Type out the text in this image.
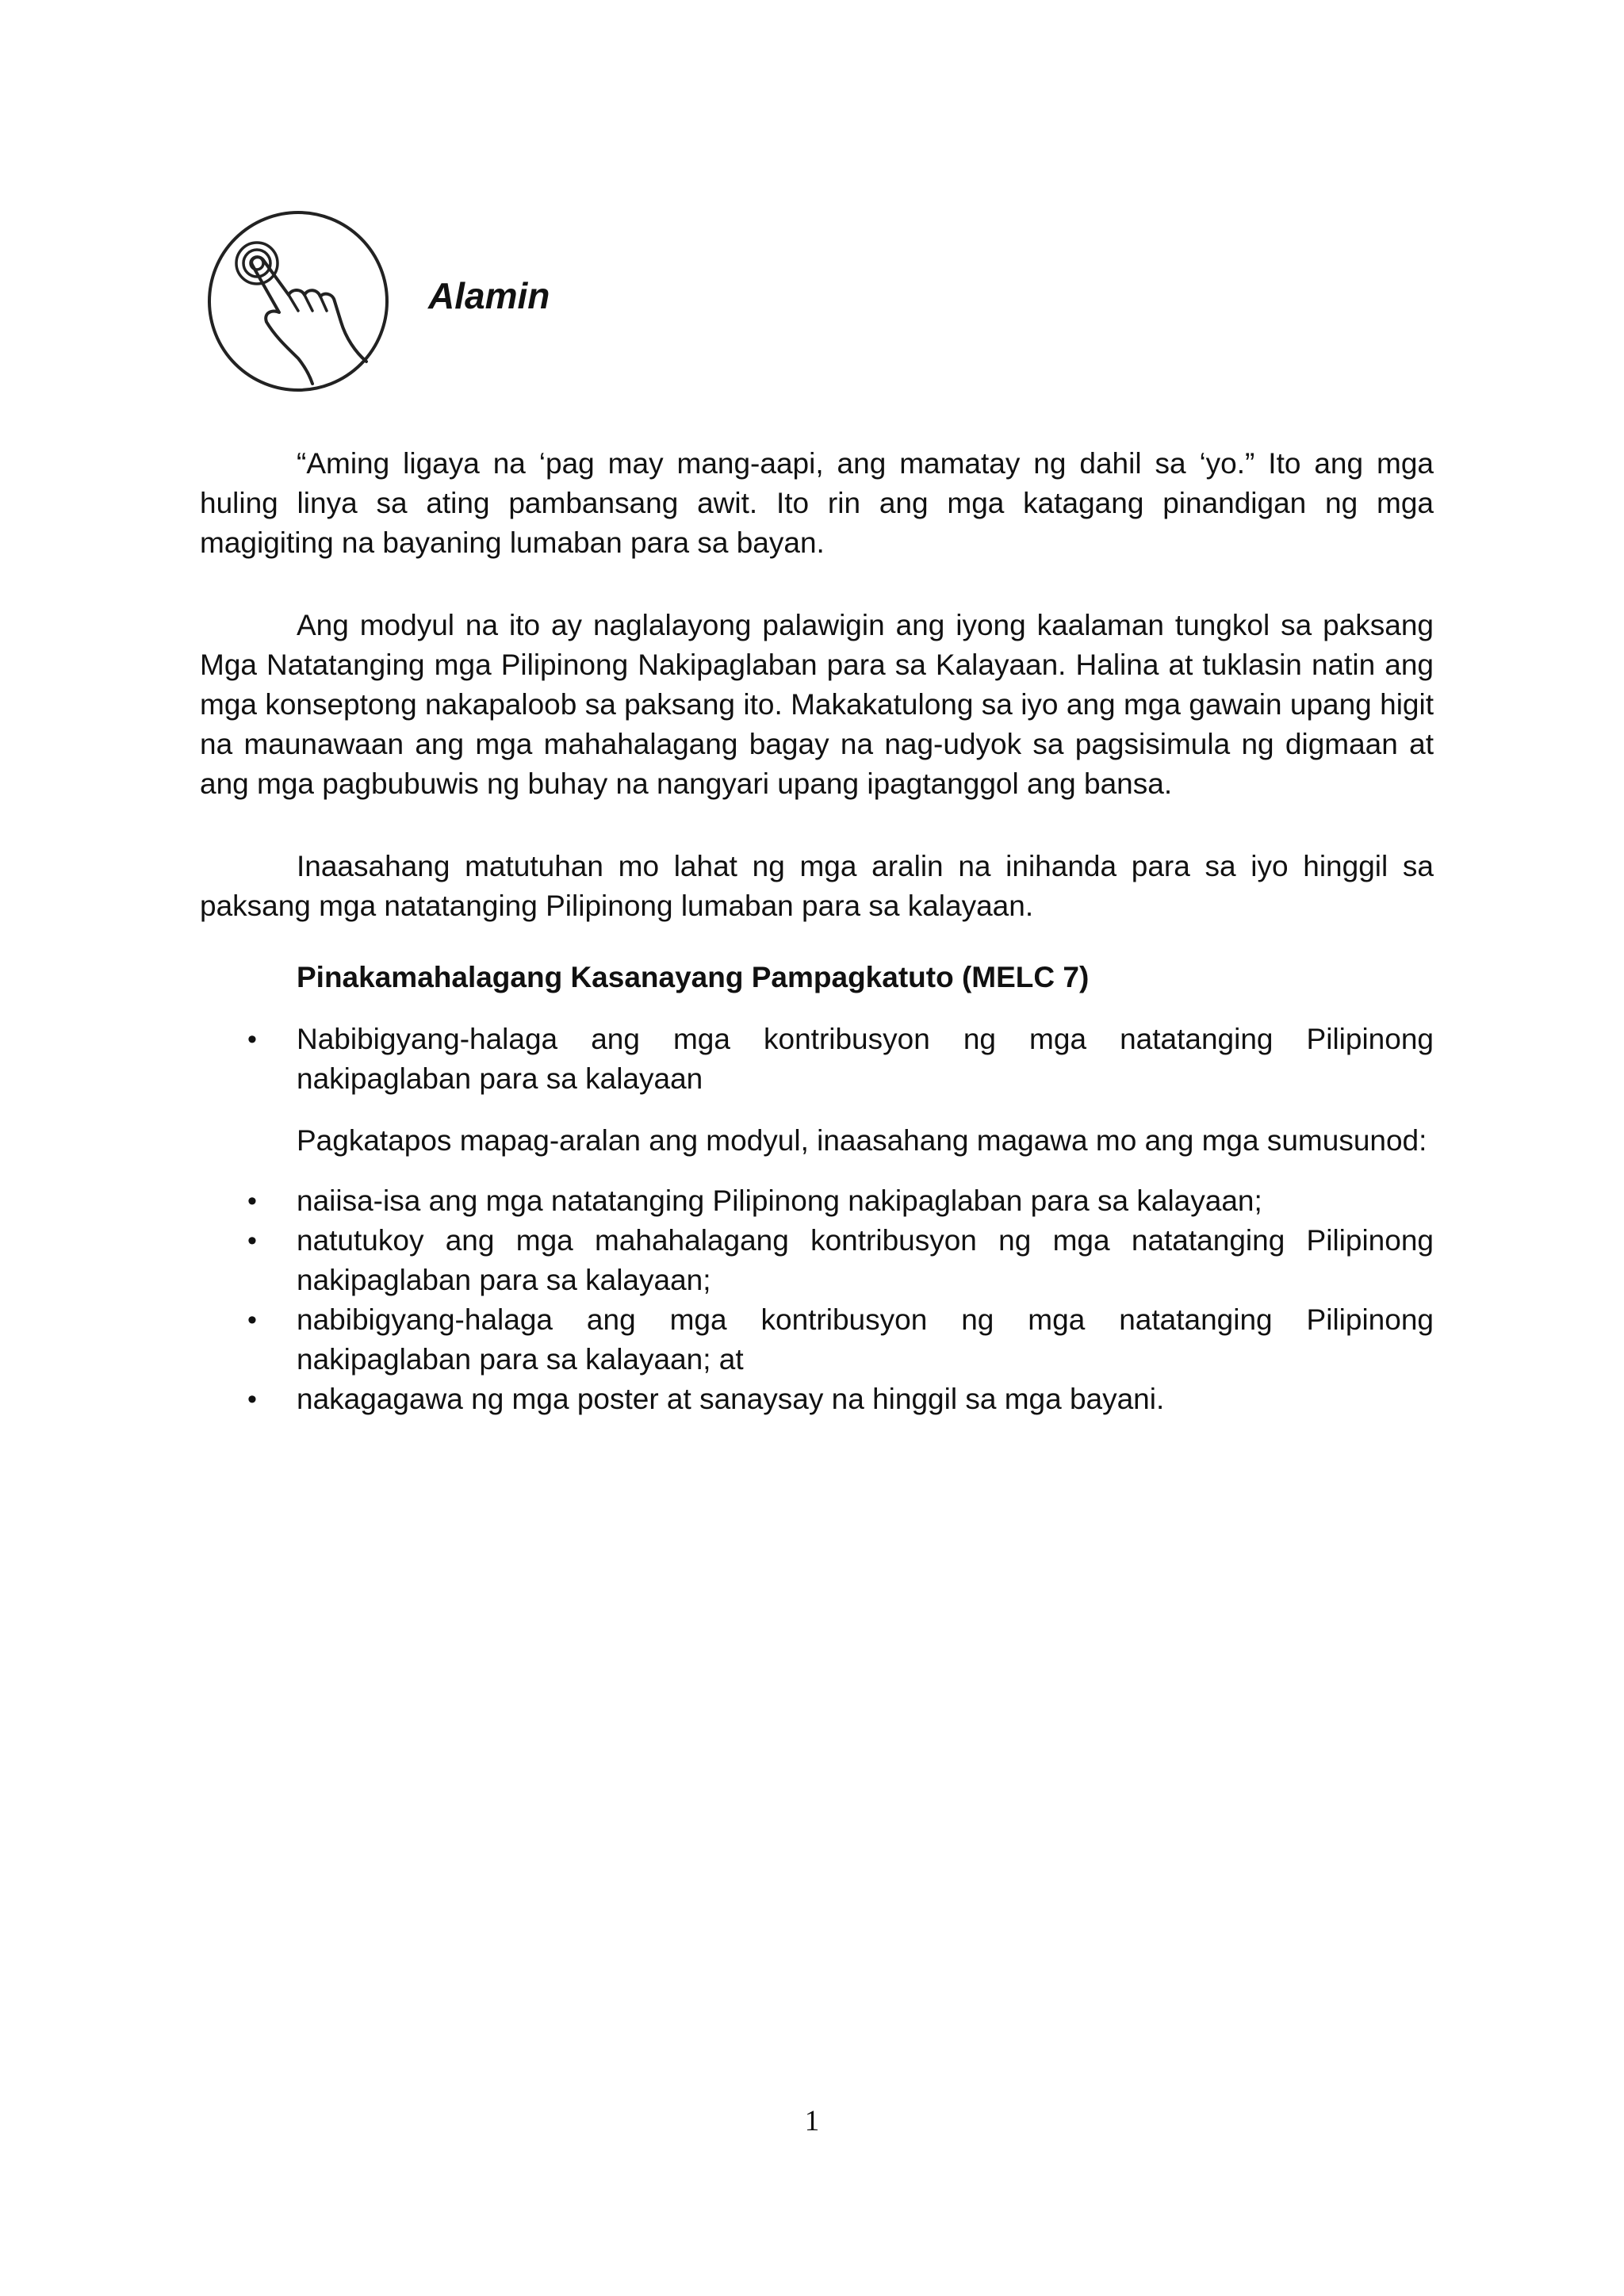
Alamin

“Aming ligaya na ‘pag may mang-aapi, ang mamatay ng dahil sa ‘yo.” Ito ang mga huling linya sa ating pambansang awit. Ito rin ang mga katagang pinandigan ng mga magigiting na bayaning lumaban para sa bayan.

Ang modyul na ito ay naglalayong palawigin ang iyong kaalaman tungkol sa paksang Mga Natatanging mga Pilipinong Nakipaglaban para sa Kalayaan. Halina at tuklasin natin ang mga konseptong nakapaloob sa paksang ito. Makakatulong sa iyo ang mga gawain upang higit na maunawaan ang mga mahahalagang bagay na nag-udyok sa pagsisimula ng digmaan at ang mga pagbubuwis ng buhay na nangyari upang ipagtanggol ang bansa.

Inaasahang matutuhan mo lahat ng mga aralin na inihanda para sa iyo hinggil sa paksang mga natatanging Pilipinong lumaban para sa kalayaan.

Pinakamahalagang Kasanayang Pampagkatuto (MELC 7)

• Nabibigyang-halaga ang mga kontribusyon ng mga natatanging Pilipinong nakipaglaban para sa kalayaan

Pagkatapos mapag-aralan ang modyul, inaasahang magawa mo ang mga sumusunod:

• naiisa-isa ang mga natatanging Pilipinong nakipaglaban para sa kalayaan;
• natutukoy ang mga mahahalagang kontribusyon ng mga natatanging Pilipinong nakipaglaban para sa kalayaan;
• nabibigyang-halaga ang mga kontribusyon ng mga natatanging Pilipinong nakipaglaban para sa kalayaan; at
• nakagagawa ng mga poster at sanaysay na hinggil sa mga bayani.
1
